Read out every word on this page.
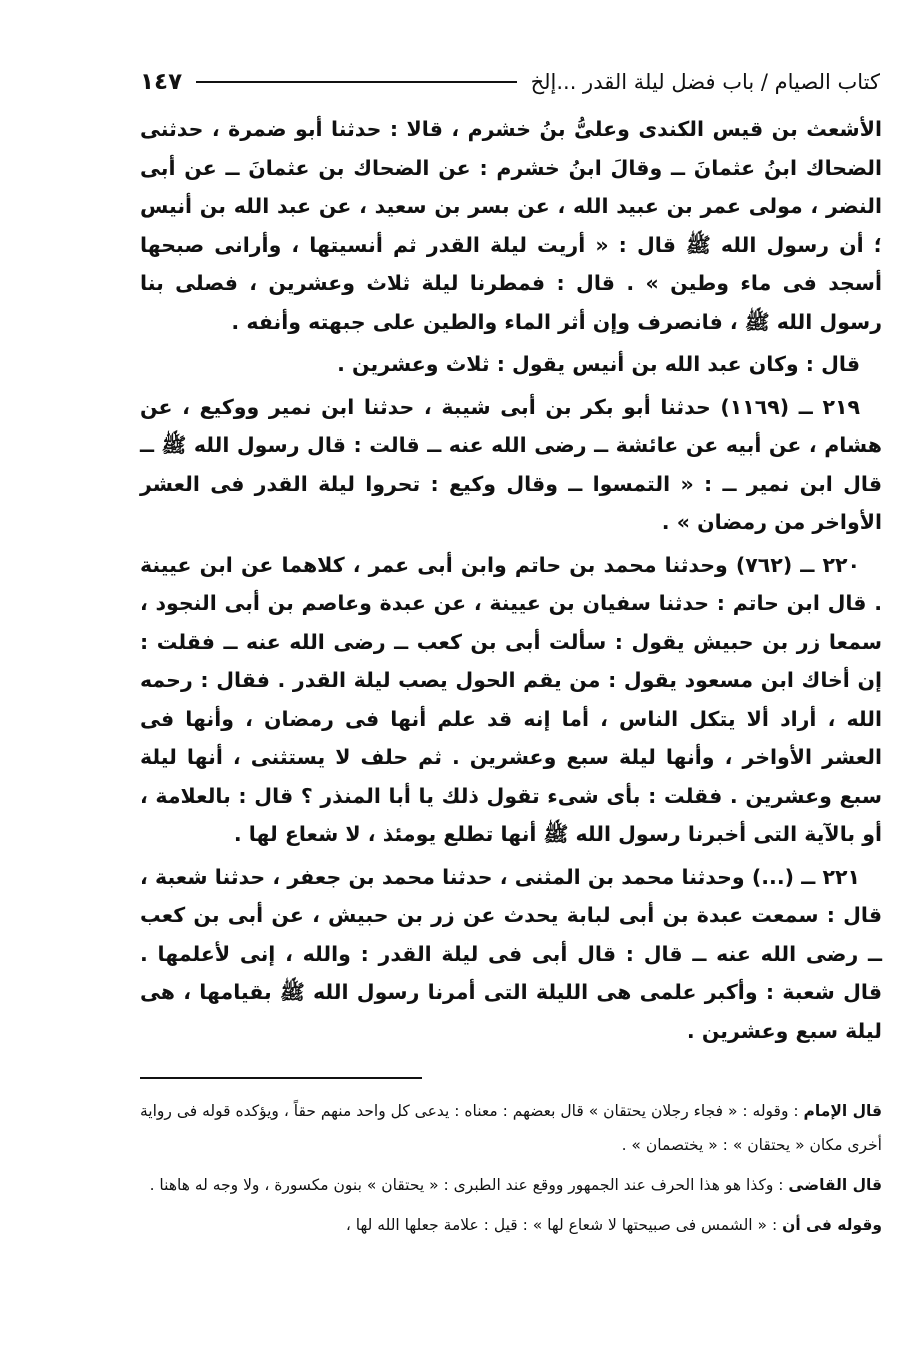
كتاب الصيام / باب فضل ليلة القدر ...إلخ
١٤٧

الأشعث بن قيس الكندى وعلىُّ بنُ خشرم ، قالا : حدثنا أبو ضمرة ، حدثنى الضحاك ابنُ عثمانَ ــ وقالَ ابنُ خشرم : عن الضحاك بن عثمانَ ــ عن أبى النضر ، مولى عمر بن عبيد الله ، عن بسر بن سعيد ، عن عبد الله بن أنيس ؛ أن رسول الله ﷺ قال : « أريت ليلة القدر ثم أنسيتها ، وأرانى صبحها أسجد فى ماء وطين » . قال : فمطرنا ليلة ثلاث وعشرين ، فصلى بنا رسول الله ﷺ ، فانصرف وإن أثر الماء والطين على جبهته وأنفه .

قال : وكان عبد الله بن أنيس يقول : ثلاث وعشرين .

٢١٩ ــ (١١٦٩) حدثنا أبو بكر بن أبى شيبة ، حدثنا ابن نمير ووكيع ، عن هشام ، عن أبيه عن عائشة ــ رضى الله عنه ــ قالت : قال رسول الله ﷺ ــ قال ابن نمير ــ : « التمسوا ــ وقال وكيع : تحروا ليلة القدر فى العشر الأواخر من رمضان » .

٢٢٠ ــ (٧٦٢) وحدثنا محمد بن حاتم وابن أبى عمر ، كلاهما عن ابن عيينة . قال ابن حاتم : حدثنا سفيان بن عيينة ، عن عبدة وعاصم بن أبى النجود ، سمعا زر بن حبيش يقول : سألت أبى بن كعب ــ رضى الله عنه ــ فقلت : إن أخاك ابن مسعود يقول : من يقم الحول يصب ليلة القدر . فقال : رحمه الله ، أراد ألا يتكل الناس ، أما إنه قد علم أنها فى رمضان ، وأنها فى العشر الأواخر ، وأنها ليلة سبع وعشرين . ثم حلف لا يستثنى ، أنها ليلة سبع وعشرين . فقلت : بأى شىء تقول ذلك يا أبا المنذر ؟ قال : بالعلامة ، أو بالآية التى أخبرنا رسول الله ﷺ أنها تطلع يومئذ ، لا شعاع لها .

٢٢١ ــ (...) وحدثنا محمد بن المثنى ، حدثنا محمد بن جعفر ، حدثنا شعبة ، قال : سمعت عبدة بن أبى لبابة يحدث عن زر بن حبيش ، عن أبى بن كعب ــ رضى الله عنه ــ قال : قال أبى فى ليلة القدر : والله ، إنى لأعلمها . قال شعبة : وأكبر علمى هى الليلة التى أمرنا رسول الله ﷺ بقيامها ، هى ليلة سبع وعشرين .

قال الإمام : وقوله : « فجاء رجلان يحتقان » قال بعضهم : معناه : يدعى كل واحد منهم حقاً ، ويؤكده قوله فى رواية أخرى مكان « يحتقان » : « يختصمان » .

قال القاضى : وكذا هو هذا الحرف عند الجمهور ووقع عند الطبرى : « يحتقان » بنون مكسورة ، ولا وجه له هاهنا .

وقوله فى أن : « الشمس فى صبيحتها لا شعاع لها » : قيل : علامة جعلها الله لها ،
